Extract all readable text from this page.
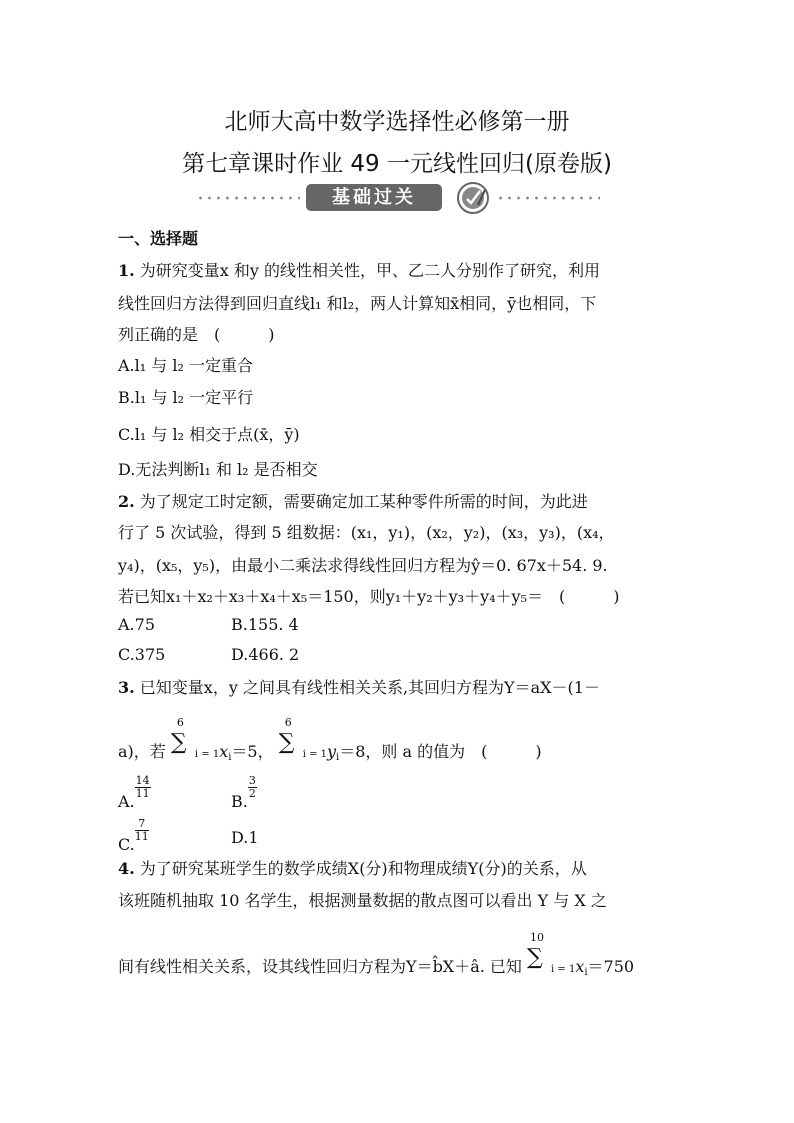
北师大高中数学选择性必修第一册
第七章课时作业 49 一元线性回归(原卷版)
基础过关
一、选择题
1. 为研究变量x 和y 的线性相关性，甲、乙二人分别作了研究，利用
线性回归方法得到回归直线l₁ 和l₂，两人计算知x̄相同，ȳ也相同，下
列正确的是　(　　　)
A.l₁ 与 l₂ 一定重合
B.l₁ 与 l₂ 一定平行
C.l₁ 与 l₂ 相交于点(x̄，ȳ)
D.无法判断l₁ 和 l₂ 是否相交
2. 为了规定工时定额，需要确定加工某种零件所需的时间，为此进
行了 5 次试验，得到 5 组数据：(x₁，y₁)，(x₂，y₂)，(x₃，y₃)，(x₄，
y₄)，(x₅，y₅)，由最小二乘法求得线性回归方程为ŷ＝0. 67x＋54. 9.
若已知x₁＋x₂＋x₃＋x₄＋x₅＝150，则y₁＋y₂＋y₃＋y₄＋y₅＝　(　　　)
A.75	B.155. 4
C.375	D.466. 2
3. 已知变量x，y 之间具有线性相关关系,其回归方程为Y＝aX－(1－
a)，若
6
∑ $i = 1x_i=5$，
6
∑ $i = 1y_i=8$，则 a 的值为　(　　　)
A.
$\frac{14}{11}$
B.
$\frac{3}{2}$
C.
$\frac{7}{11}$	D.1
4. 为了研究某班学生的数学成绩X(分)和物理成绩Y(分)的关系，从
该班随机抽取 10 名学生，根据测量数据的散点图可以看出 Y 与 X 之
间有线性相关关系，设其线性回归方程为Y＝b̂X＋â. 已知
10
∑ $i = 1x_i=750$
